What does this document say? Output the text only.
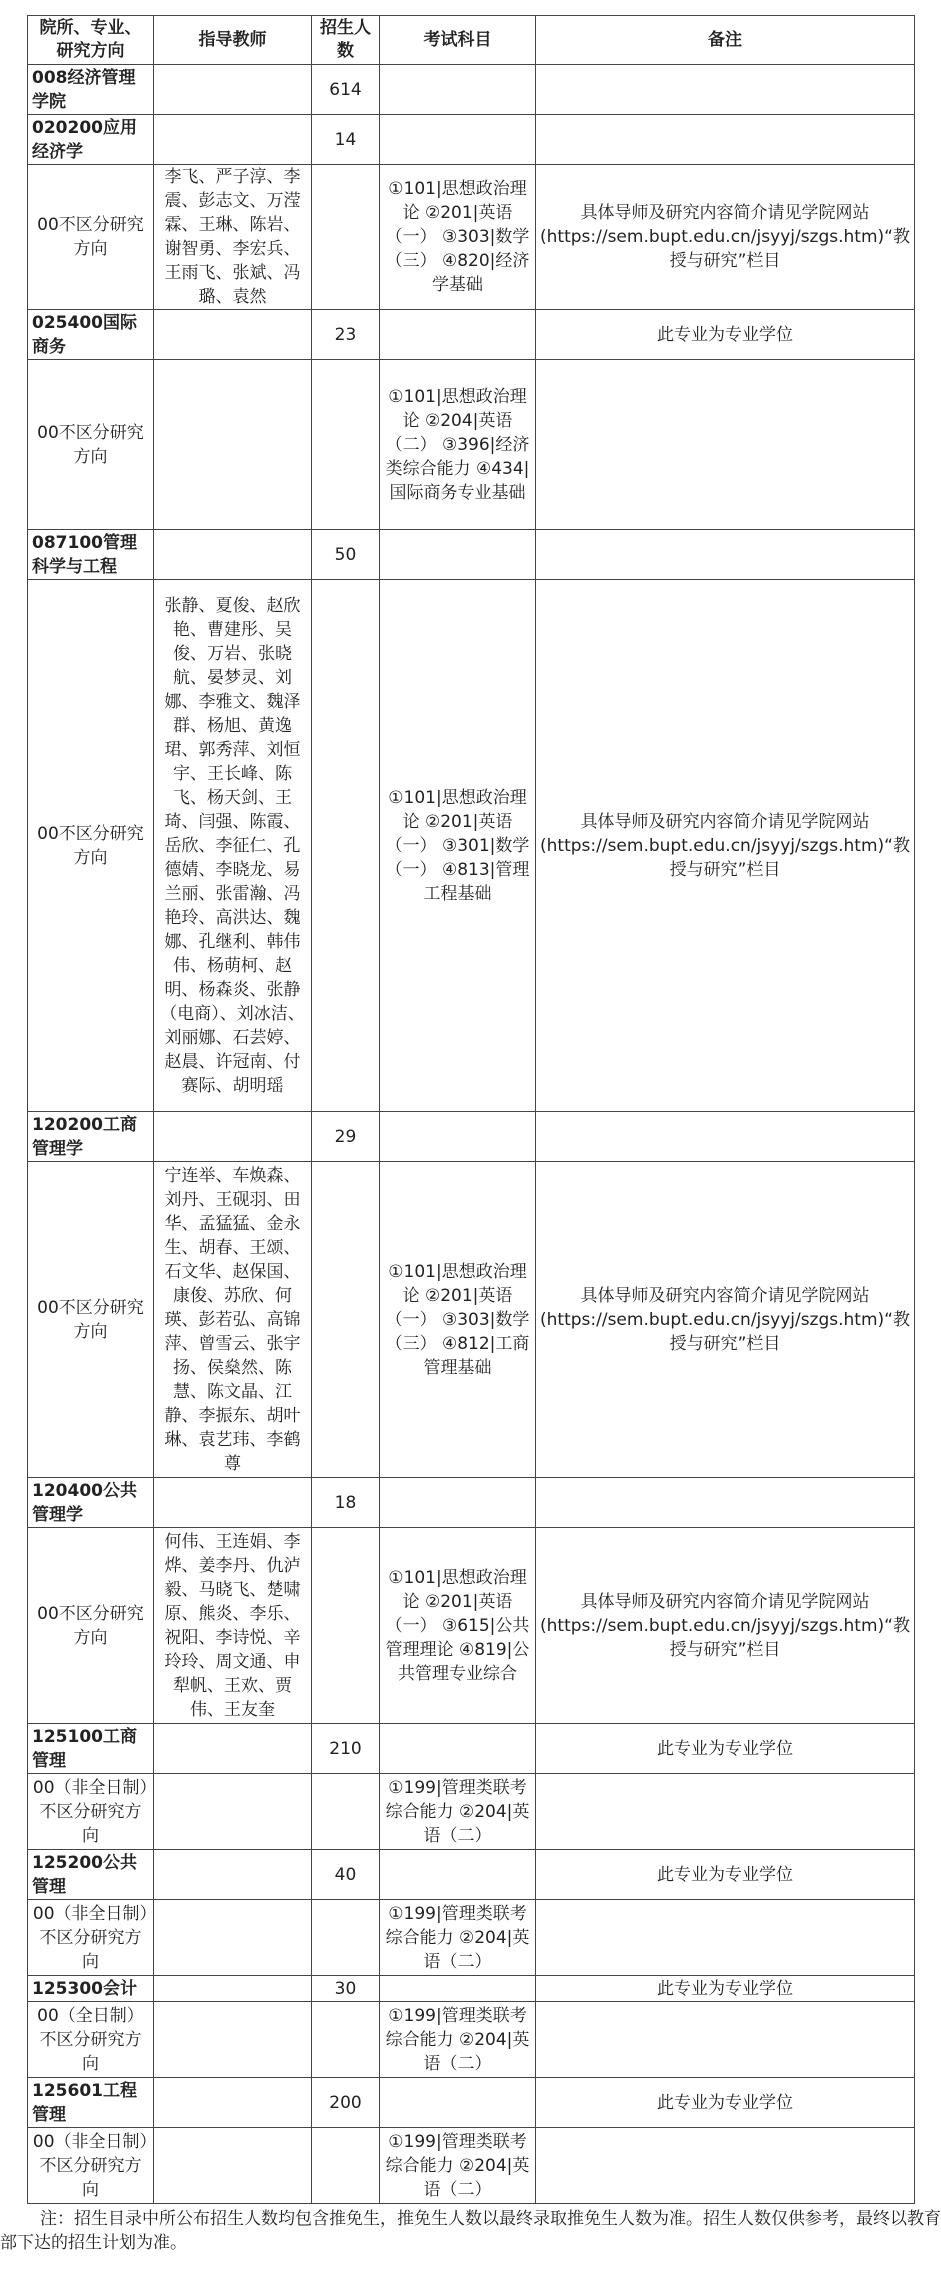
院所、专业、研究方向	指导教师	招生人数	考试科目	备注
008经济管理学院		614		
020200应用经济学		14		
00不区分研究方向	李飞、严子淳、李震、彭志文、万滢霖、王琳、陈岩、谢智勇、李宏兵、王雨飞、张斌、冯璐、袁然		①101|思想政治理论 ②201|英语（一） ③303|数学（三） ④820|经济学基础	具体导师及研究内容简介请见学院网站(https://sem.bupt.edu.cn/jsyyj/szgs.htm)“教授与研究”栏目
025400国际商务		23		此专业为专业学位
00不区分研究方向			①101|思想政治理论 ②204|英语（二） ③396|经济类综合能力 ④434|国际商务专业基础	
087100管理科学与工程		50		
00不区分研究方向	张静、夏俊、赵欣艳、曹建彤、吴俊、万岩、张晓航、晏梦灵、刘娜、李雅文、魏泽群、杨旭、黄逸珺、郭秀萍、刘恒宇、王长峰、陈飞、杨天剑、王琦、闫强、陈霞、岳欣、李征仁、孔德婧、李晓龙、易兰丽、张雷瀚、冯艳玲、高洪达、魏娜、孔继利、韩伟伟、杨萌柯、赵明、杨森炎、张静（电商）、刘冰洁、刘丽娜、石芸婷、赵晨、许冠南、付赛际、胡明瑶		①101|思想政治理论 ②201|英语（一） ③301|数学（一） ④813|管理工程基础	具体导师及研究内容简介请见学院网站(https://sem.bupt.edu.cn/jsyyj/szgs.htm)“教授与研究”栏目
120200工商管理学		29		
00不区分研究方向	宁连举、车焕森、刘丹、王砚羽、田华、孟猛猛、金永生、胡春、王颂、石文华、赵保国、康俊、苏欣、何瑛、彭若弘、高锦萍、曾雪云、张宇扬、侯燊然、陈慧、陈文晶、江静、李振东、胡叶琳、袁艺玮、李鹤尊		①101|思想政治理论 ②201|英语（一） ③303|数学（三） ④812|工商管理基础	具体导师及研究内容简介请见学院网站(https://sem.bupt.edu.cn/jsyyj/szgs.htm)“教授与研究”栏目
120400公共管理学		18		
00不区分研究方向	何伟、王连娟、李烨、姜李丹、仇泸毅、马晓飞、楚啸原、熊炎、李乐、祝阳、李诗悦、辛玲玲、周文通、申犁帆、王欢、贾伟、王友奎		①101|思想政治理论 ②201|英语（一） ③615|公共管理理论 ④819|公共管理专业综合	具体导师及研究内容简介请见学院网站(https://sem.bupt.edu.cn/jsyyj/szgs.htm)“教授与研究”栏目
125100工商管理		210		此专业为专业学位
00（非全日制）不区分研究方向			①199|管理类联考综合能力 ②204|英语（二）	
125200公共管理		40		此专业为专业学位
00（非全日制）不区分研究方向			①199|管理类联考综合能力 ②204|英语（二）	
125300会计		30		此专业为专业学位
00（全日制）不区分研究方向			①199|管理类联考综合能力 ②204|英语（二）	
125601工程管理		200		此专业为专业学位
00（非全日制）不区分研究方向			①199|管理类联考综合能力 ②204|英语（二）	
注：招生目录中所公布招生人数均包含推免生，推免生人数以最终录取推免生人数为准。招生人数仅供参考，最终以教育部下达的招生计划为准。
